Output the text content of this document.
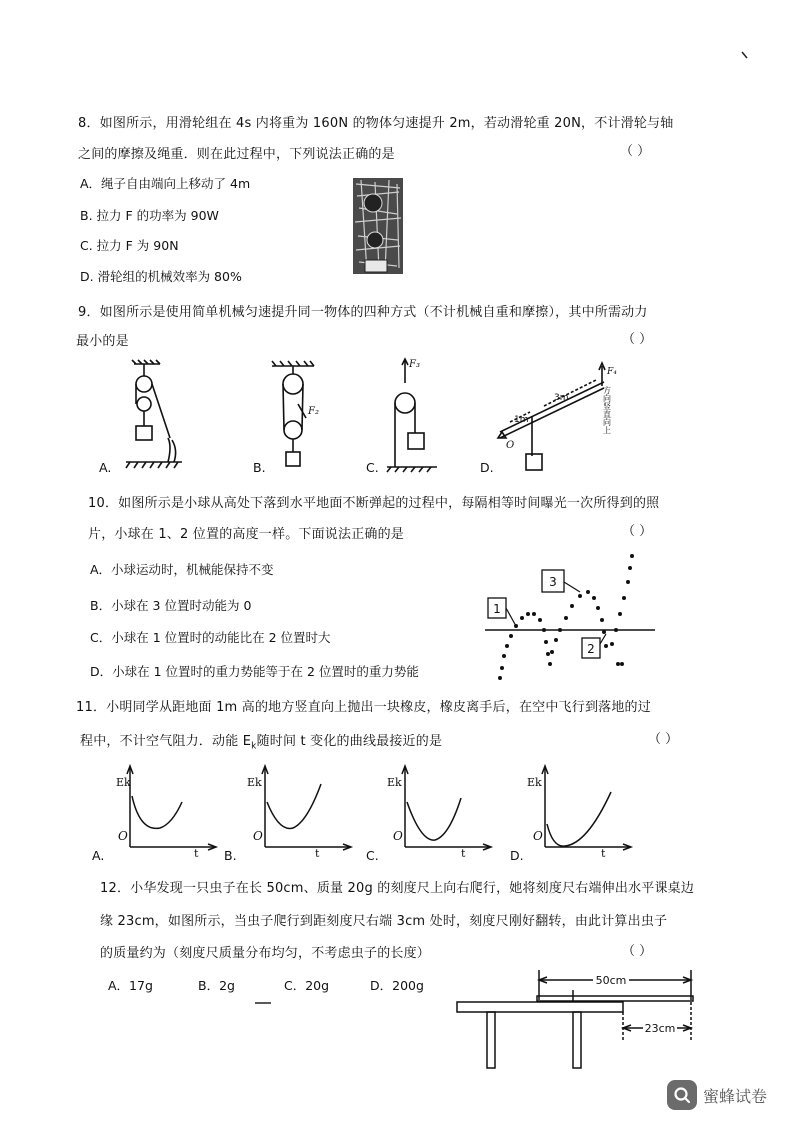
8．如图所示，用滑轮组在 4s 内将重为 160N 的物体匀速提升 2m，若动滑轮重 20N，不计滑轮与轴
之间的摩擦及绳重．则在此过程中，下列说法正确的是	（ ）
A．绳子自由端向上移动了 4m
B. 拉力 F 的功率为 90W
C. 拉力 F 为 90N
D. 滑轮组的机械效率为 80%
9．如图所示是使用简单机械匀速提升同一物体的四种方式（不计机械自重和摩擦），其中所需动力
最小的是	（ ）
A.
F₂
B.
F₃
C.
1m
3m
O
F₄
方向竖直向上
D.
10．如图所示是小球从高处下落到水平地面不断弹起的过程中，每隔相等时间曝光一次所得到的照
片，小球在 1、2 位置的高度一样。下面说法正确的是	（ ）
A．小球运动时，机械能保持不变
B．小球在 3 位置时动能为 0
C．小球在 1 位置时的动能比在 2 位置时大
D．小球在 1 位置时的重力势能等于在 2 位置时的重力势能
1
2
3
11．小明同学从距地面 1m 高的地方竖直向上抛出一块橡皮，橡皮离手后，在空中飞行到落地的过
程中，不计空气阻力．动能 $E_k$随时间 t 变化的曲线最接近的是	（ ）
Ek
O
t
A.
Ek
O
t
B.
Ek
O
t
C.
Ek
O
t
D.
12．小华发现一只虫子在长 50cm、质量 20g 的刻度尺上向右爬行，她将刻度尺右端伸出水平课桌边
缘 23cm，如图所示，当虫子爬行到距刻度尺右端 3cm 处时，刻度尺刚好翻转，由此计算出虫子
的质量约为（刻度尺质量分布均匀，不考虑虫子的长度）	（ ）
A．17g	B．2g	C．20g	D．200g	50cm
23cm
蜜蜂试卷
